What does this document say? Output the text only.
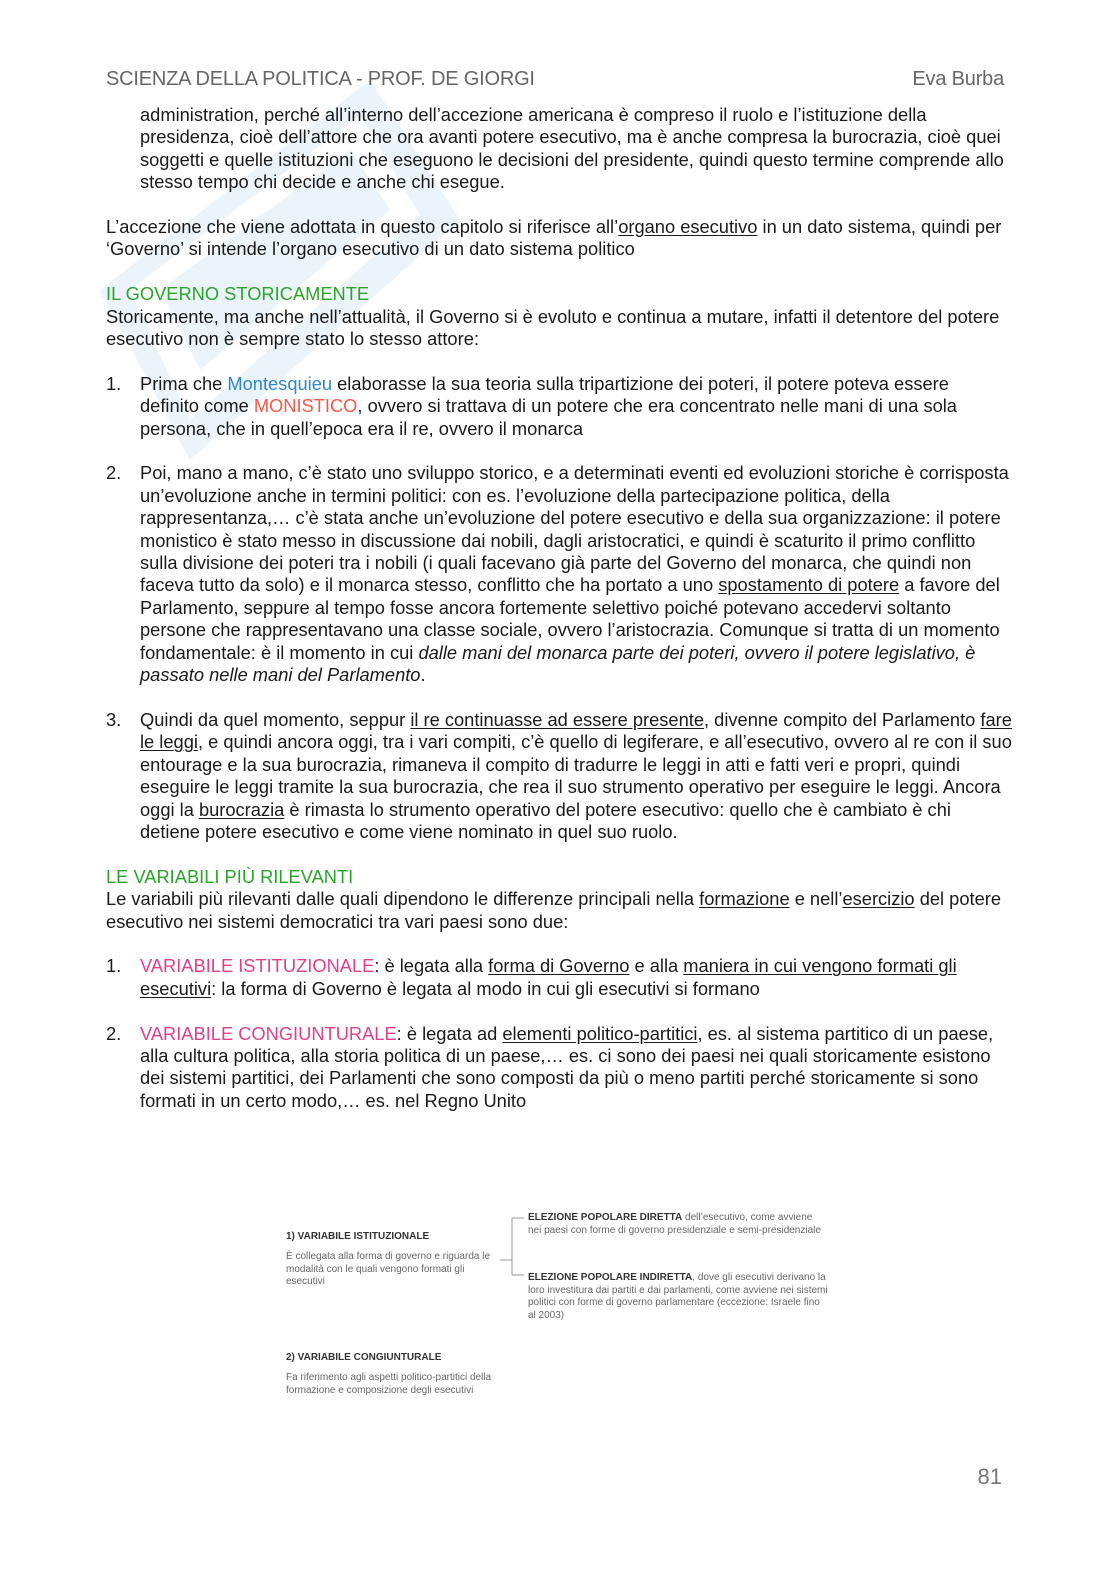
SCIENZA DELLA POLITICA - PROF. DE GIORGI	Eva Burba

administration, perché all’interno dell’accezione americana è compreso il ruolo e l’istituzione della presidenza, cioè dell’attore che ora avanti potere esecutivo, ma è anche compresa la burocrazia, cioè quei soggetti e quelle istituzioni che eseguono le decisioni del presidente, quindi questo termine comprende allo stesso tempo chi decide e anche chi esegue.

L’accezione che viene adottata in questo capitolo si riferisce all’organo esecutivo in un dato sistema, quindi per ‘Governo’ si intende l’organo esecutivo di un dato sistema politico

IL GOVERNO STORICAMENTE

Storicamente, ma anche nell’attualità, il Governo si è evoluto e continua a mutare, infatti il detentore del potere esecutivo non è sempre stato lo stesso attore:

1. Prima che Montesquieu elaborasse la sua teoria sulla tripartizione dei poteri, il potere poteva essere definito come MONISTICO, ovvero si trattava di un potere che era concentrato nelle mani di una sola persona, che in quell’epoca era il re, ovvero il monarca
2. Poi, mano a mano, c’è stato uno sviluppo storico, e a determinati eventi ed evoluzioni storiche è corrisposta un’evoluzione anche in termini politici: con es. l’evoluzione della partecipazione politica, della rappresentanza,… c’è stata anche un’evoluzione del potere esecutivo e della sua organizzazione: il potere monistico è stato messo in discussione dai nobili, dagli aristocratici, e quindi è scaturito il primo conflitto sulla divisione dei poteri tra i nobili (i quali facevano già parte del Governo del monarca, che quindi non faceva tutto da solo) e il monarca stesso, conflitto che ha portato a uno spostamento di potere a favore del Parlamento, seppure al tempo fosse ancora fortemente selettivo poiché potevano accedervi soltanto persone che rappresentavano una classe sociale, ovvero l’aristocrazia. Comunque si tratta di un momento fondamentale: è il momento in cui dalle mani del monarca parte dei poteri, ovvero il potere legislativo, è passato nelle mani del Parlamento.
3. Quindi da quel momento, seppur il re continuasse ad essere presente, divenne compito del Parlamento fare le leggi, e quindi ancora oggi, tra i vari compiti, c’è quello di legiferare, e all’esecutivo, ovvero al re con il suo entourage e la sua burocrazia, rimaneva il compito di tradurre le leggi in atti e fatti veri e propri, quindi eseguire le leggi tramite la sua burocrazia, che rea il suo strumento operativo per eseguire le leggi. Ancora oggi la burocrazia è rimasta lo strumento operativo del potere esecutivo: quello che è cambiato è chi detiene potere esecutivo e come viene nominato in quel suo ruolo.

LE VARIABILI PIÙ RILEVANTI

Le variabili più rilevanti dalle quali dipendono le differenze principali nella formazione e nell’esercizio del potere esecutivo nei sistemi democratici tra vari paesi sono due:

1. VARIABILE ISTITUZIONALE: è legata alla forma di Governo e alla maniera in cui vengono formati gli esecutivi: la forma di Governo è legata al modo in cui gli esecutivi si formano
2. VARIABILE CONGIUNTURALE: è legata ad elementi politico-partitici, es. al sistema partitico di un paese, alla cultura politica, alla storia politica di un paese,… es. ci sono dei paesi nei quali storicamente esistono dei sistemi partitici, dei Parlamenti che sono composti da più o meno partiti perché storicamente si sono formati in un certo modo,… es. nel Regno Unito
1) VARIABILE ISTITUZIONALE
È collegata alla forma di governo e riguarda le modalità con le quali vengono formati gli esecutivi
ELEZIONE POPOLARE DIRETTA dell’esecutivo, come avviene nei paesi con forme di governo presidenziale e semi-presidenziale
ELEZIONE POPOLARE INDIRETTA, dove gli esecutivi derivano la loro investitura dai partiti e dai parlamenti, come avviene nei sistemi politici con forme di governo parlamentare (eccezione: Israele fino al 2003)
2) VARIABILE CONGIUNTURALE
Fa riferimento agli aspetti politico-partitici della formazione e composizione degli esecutivi
81
